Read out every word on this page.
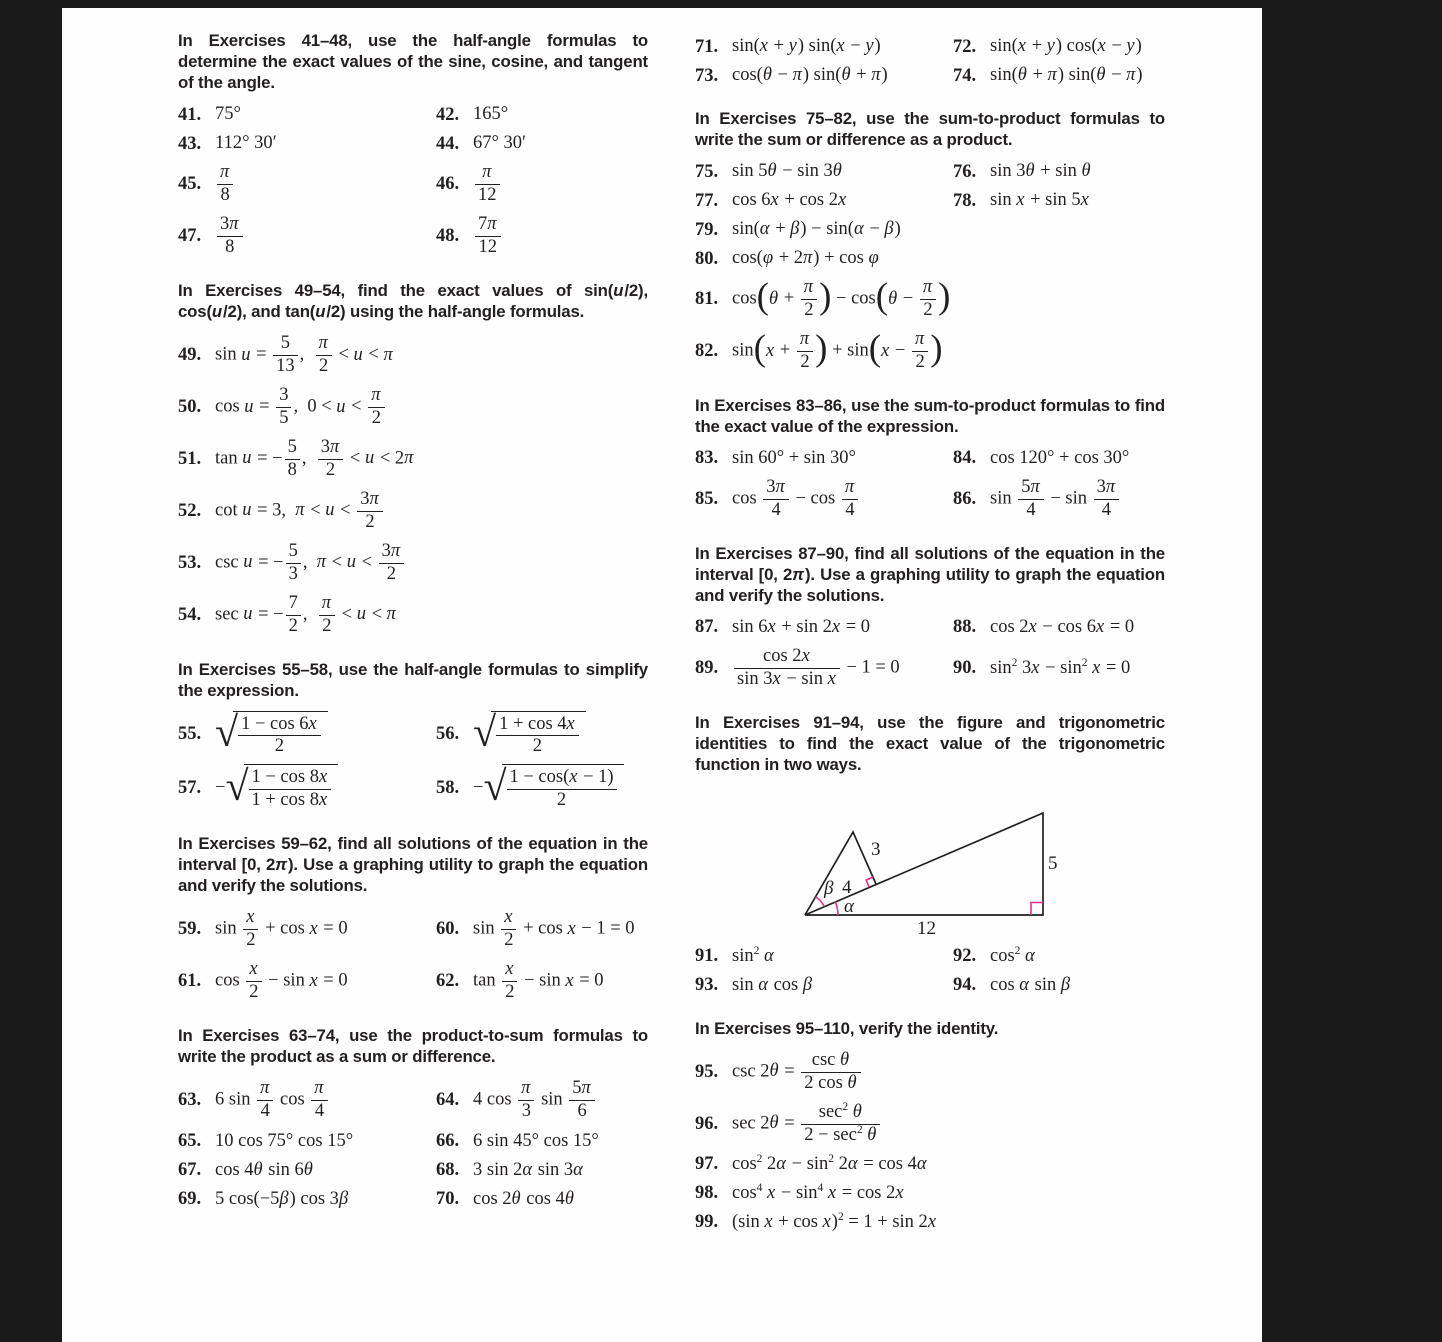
In Exercises 41–48, use the half-angle formulas to determine the exact values of the sine, cosine, and tangent of the angle.
41. 75°	42. 165°
43. 112° 30′	44. 67° 30′
45. $\frac{\pi}{8}$	46. $\frac{\pi}{12}$
47. $\frac{3\pi}{8}$	48. $\frac{7\pi}{12}$
In Exercises 49–54, find the exact values of sin(u/2), cos(u/2), and tan(u/2) using the half-angle formulas.
49. $\sin u = \frac{5}{13}$ ,  $\frac{\pi}{2} < u < \pi$
50. $\cos u = \frac{3}{5}$ , $0 < u < \frac{\pi}{2}$
51. tan u = − $\frac{5}{8}$ ,  $\frac{3\pi}{2} < u < 2\pi$
52. cot u = 3, $\pi < u < \frac{3\pi}{2}$
53. csc u = − $\frac{5}{3}$ , $\pi < u < \frac{3\pi}{2}$
54. sec u = − $\frac{7}{2}$ ,  $\frac{\pi}{2} < u < \pi$
In Exercises 55–58, use the half-angle formulas to simplify the expression.
55. √ $\frac{1 - \cos 6x}{2}$	56. √ $\frac{1 + \cos 4x}{2}$
57. − √ $\frac{1 - \cos 8x}{1 + \cos 8x}$	58. − √ $\frac{1 - \cos(x - 1)}{2}$
In Exercises 59–62, find all solutions of the equation in the interval [0, 2π). Use a graphing utility to graph the equation and verify the solutions.
59. $\sin \frac{x}{2} + \cos x = 0$	60. $\sin \frac{x}{2} + \cos x - 1 = 0$
61. $\cos \frac{x}{2} - \sin x = 0$	62. $\tan \frac{x}{2} - \sin x = 0$
In Exercises 63–74, use the product-to-sum formulas to write the product as a sum or difference.
63. 6 $\sin \frac{\pi}{4}$ $\cos \frac{\pi}{4}$	64. 4 $\cos \frac{\pi}{3}$ $\sin \frac{5\pi}{6}$
65. 10 cos 75° cos 15°	66. 6 sin 45° cos 15°
67. cos 4θ sin 6θ	68. 3 sin 2α sin 3α
69. 5 cos(−5β) cos 3β	70. cos 2θ cos 4θ
71. sin(x + y) sin(x − y)	72. sin(x + y) cos(x − y)
73. cos(θ − π) sin(θ + π)	74. sin(θ + π) sin(θ − π)
In Exercises 75–82, use the sum-to-product formulas to write the sum or difference as a product.
75. sin 5θ − sin 3θ	76. sin 3θ + sin θ
77. cos 6x + cos 2x	78. sin x + sin 5x
79. sin(α + β) − sin(α − β)
80. cos(φ + 2π) + cos φ
81. $\cos(\theta + \frac{\pi}{2}$ ) − $\cos(\theta - \frac{\pi}{2}$ )
82. $\sin(x + \frac{\pi}{2}$ ) + $\sin(x - \frac{\pi}{2}$ )
In Exercises 83–86, use the sum-to-product formulas to find the exact value of the expression.
83. sin 60° + sin 30°	84. cos 120° + cos 30°
85. $\cos \frac{3\pi}{4} - \cos \frac{\pi}{4}$	86. $\sin \frac{5\pi}{4} - \sin \frac{3\pi}{4}$
In Exercises 87–90, find all solutions of the equation in the interval [0, 2π). Use a graphing utility to graph the equation and verify the solutions.
87. sin 6x + sin 2x = 0	88. cos 2x − cos 6x = 0
89. $\frac{\cos 2x}{\text{sin 3x − sin x}} - 1 = 0$	90. $\sin^2 3x - \sin^2 x = 0$
In Exercises 91–94, use the figure and trigonometric identities to find the exact value of the trigonometric function in two ways.
3
4
5
12
β
α
91. $\sin^2 \alpha$	92. $\cos^2 \alpha$
93. sin α cos β	94. cos α sin β
In Exercises 95–110, verify the identity.
95. $\csc 2\theta = \frac{\text{csc θ}}{\text{2 cos θ}}$
96. $\sec 2\theta = \frac{\sec^2 \theta}{2 - \sec^2 \theta}$
97. $\cos^2 2\alpha - \sin^2 2\alpha = \cos 4\alpha$
98. $\cos^4 x - \sin^4 x = \cos 2x$
99. (sin x + cos x)$^2$ = 1 + sin 2x
